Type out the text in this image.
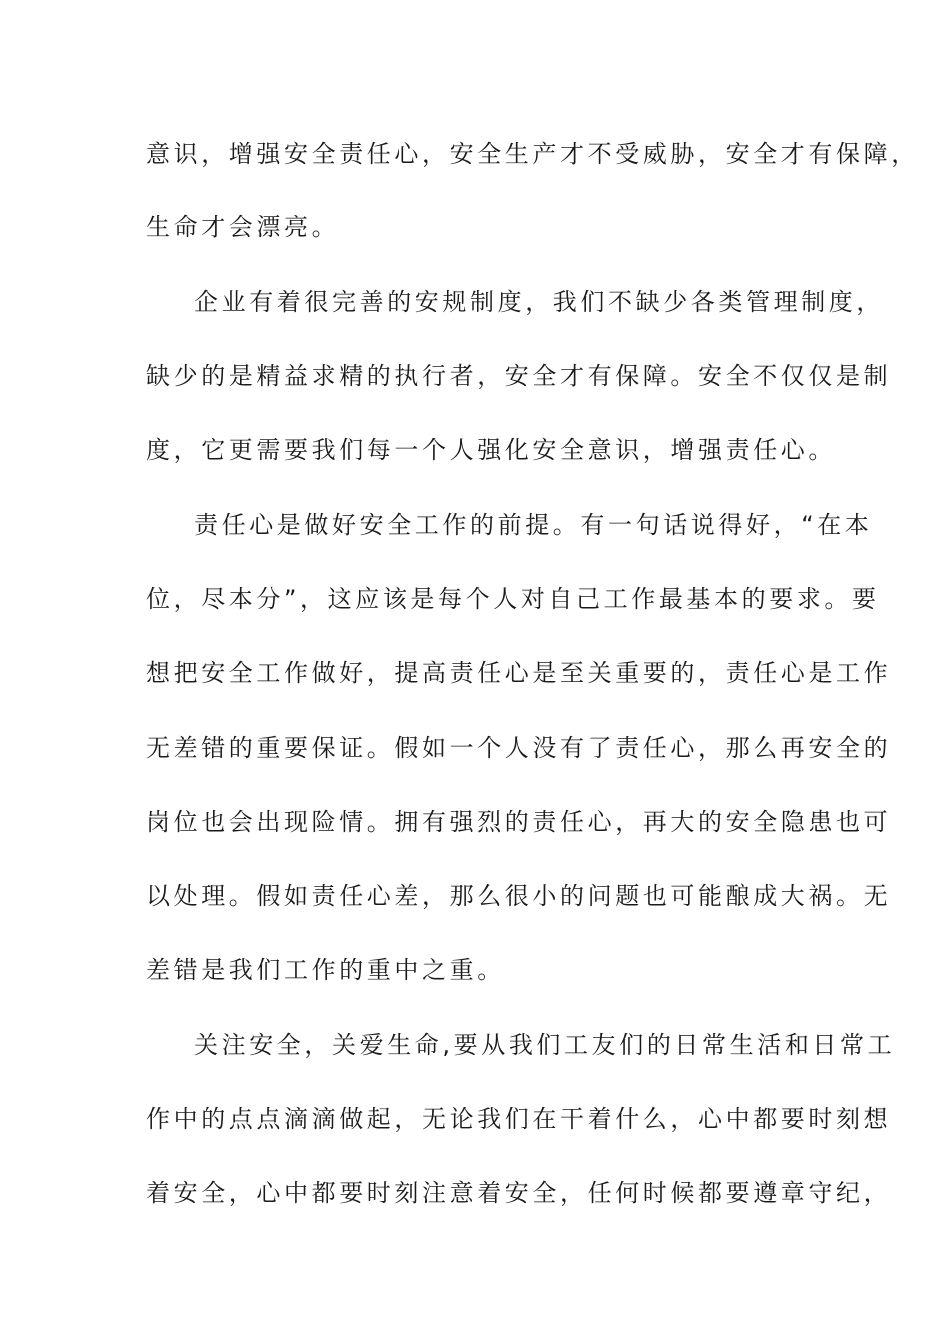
意识，增强安全责任心，安全生产才不受威胁，安全才有保障，
生命才会漂亮。
企业有着很完善的安规制度，我们不缺少各类管理制度，
缺少的是精益求精的执行者，安全才有保障。安全不仅仅是制
度，它更需要我们每一个人强化安全意识，增强责任心。
责任心是做好安全工作的前提。有一句话说得好，“在本
位，尽本分”，这应该是每个人对自己工作最基本的要求。要
想把安全工作做好，提高责任心是至关重要的，责任心是工作
无差错的重要保证。假如一个人没有了责任心，那么再安全的
岗位也会出现险情。拥有强烈的责任心，再大的安全隐患也可
以处理。假如责任心差，那么很小的问题也可能酿成大祸。无
差错是我们工作的重中之重。
关注安全，关爱生命,要从我们工友们的日常生活和日常工
作中的点点滴滴做起，无论我们在干着什么，心中都要时刻想
着安全，心中都要时刻注意着安全，任何时候都要遵章守纪，
